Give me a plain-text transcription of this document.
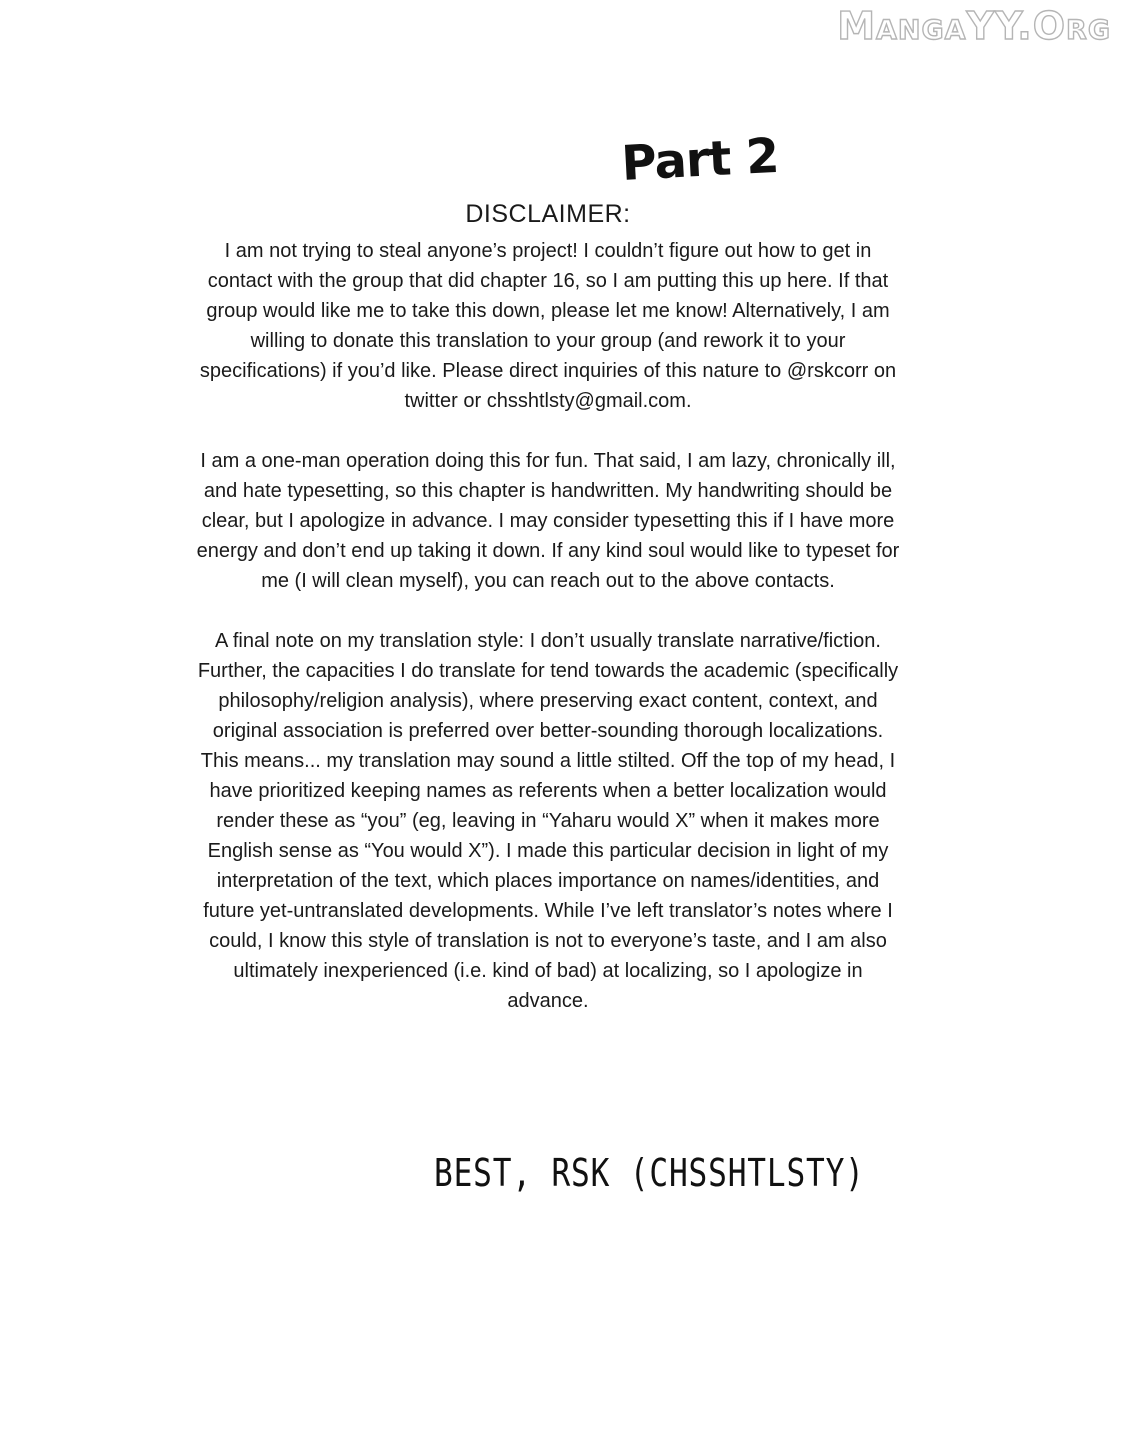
MangaYY.Org
Part 2
DISCLAIMER:

I am not trying to steal anyone’s project! I couldn’t figure out how to get in contact with the group that did chapter 16, so I am putting this up here. If that group would like me to take this down, please let me know! Alternatively, I am willing to donate this translation to your group (and rework it to your specifications) if you’d like. Please direct inquiries of this nature to @rskcorr on twitter or chsshtlsty@gmail.com.

I am a one-man operation doing this for fun. That said, I am lazy, chronically ill, and hate typesetting, so this chapter is handwritten. My handwriting should be clear, but I apologize in advance. I may consider typesetting this if I have more energy and don’t end up taking it down. If any kind soul would like to typeset for me (I will clean myself), you can reach out to the above contacts.

A final note on my translation style: I don’t usually translate narrative/fiction. Further, the capacities I do translate for tend towards the academic (specifically philosophy/religion analysis), where preserving exact content, context, and original association is preferred over better-sounding thorough localizations. This means... my translation may sound a little stilted. Off the top of my head, I have prioritized keeping names as referents when a better localization would render these as “you” (eg, leaving in “Yaharu would X” when it makes more English sense as “You would X”). I made this particular decision in light of my interpretation of the text, which places importance on names/identities, and future yet-untranslated developments. While I’ve left translator’s notes where I could, I know this style of translation is not to everyone’s taste, and I am also ultimately inexperienced (i.e. kind of bad) at localizing, so I apologize in advance.

BEST, RSK (CHSSHTLSTY)
